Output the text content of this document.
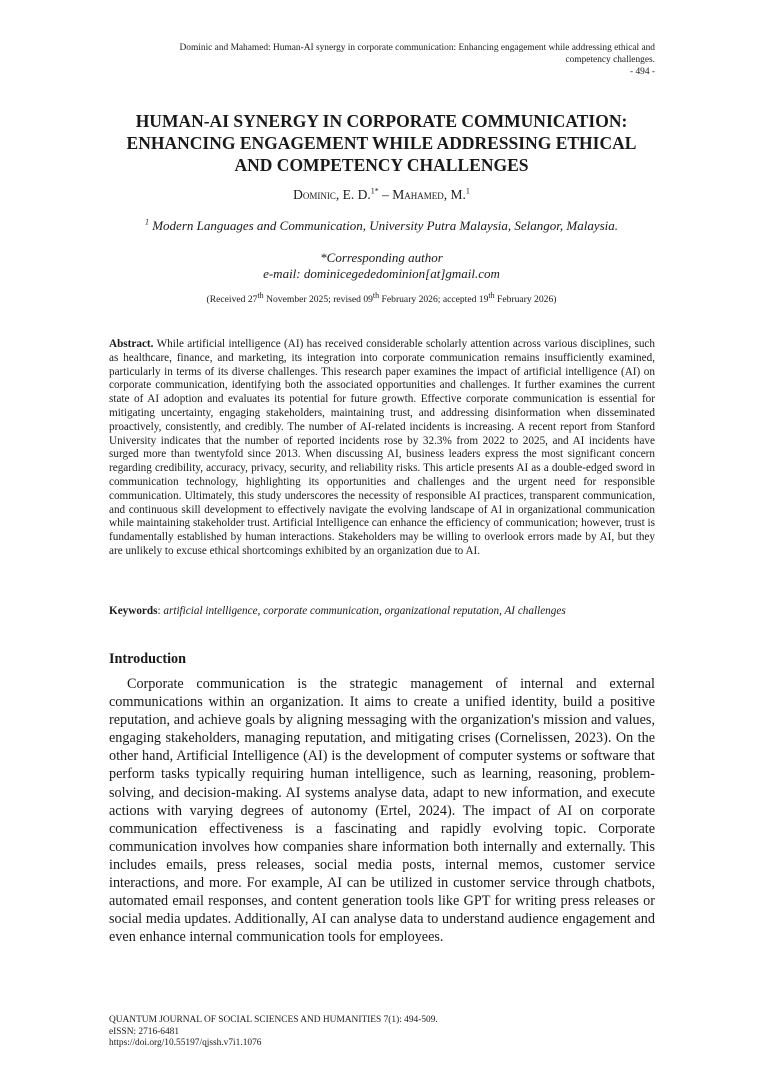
Dominic and Mahamed: Human-AI synergy in corporate communication: Enhancing engagement while addressing ethical and
competency challenges.
- 494 -
HUMAN-AI SYNERGY IN CORPORATE COMMUNICATION:
ENHANCING ENGAGEMENT WHILE ADDRESSING ETHICAL
AND COMPETENCY CHALLENGES
Dominic, E. D.$^{1*}$ – Mahamed, M.$^1$
$^1$ Modern Languages and Communication, University Putra Malaysia, Selangor, Malaysia.
*Corresponding author
e-mail: dominicegededominion[at]gmail.com
(Received 27th November 2025; revised 09th February 2026; accepted 19th February 2026)
Abstract. While artificial intelligence (AI) has received considerable scholarly attention across various disciplines, such as healthcare, finance, and marketing, its integration into corporate communication remains insufficiently examined, particularly in terms of its diverse challenges. This research paper examines the impact of artificial intelligence (AI) on corporate communication, identifying both the associated opportunities and challenges. It further examines the current state of AI adoption and evaluates its potential for future growth. Effective corporate communication is essential for mitigating uncertainty, engaging stakeholders, maintaining trust, and addressing disinformation when disseminated proactively, consistently, and credibly. The number of AI-related incidents is increasing. A recent report from Stanford University indicates that the number of reported incidents rose by 32.3% from 2022 to 2025, and AI incidents have surged more than twentyfold since 2013. When discussing AI, business leaders express the most significant concern regarding credibility, accuracy, privacy, security, and reliability risks. This article presents AI as a double-edged sword in communication technology, highlighting its opportunities and challenges and the urgent need for responsible communication. Ultimately, this study underscores the necessity of responsible AI practices, transparent communication, and continuous skill development to effectively navigate the evolving landscape of AI in organizational communication while maintaining stakeholder trust. Artificial Intelligence can enhance the efficiency of communication; however, trust is fundamentally established by human interactions. Stakeholders may be willing to overlook errors made by AI, but they are unlikely to excuse ethical shortcomings exhibited by an organization due to AI.
Keywords: artificial intelligence, corporate communication, organizational reputation, AI challenges
Introduction
Corporate communication is the strategic management of internal and external communications within an organization. It aims to create a unified identity, build a positive reputation, and achieve goals by aligning messaging with the organization's mission and values, engaging stakeholders, managing reputation, and mitigating crises (Cornelissen, 2023). On the other hand, Artificial Intelligence (AI) is the development of computer systems or software that perform tasks typically requiring human intelligence, such as learning, reasoning, problem-solving, and decision-making. AI systems analyse data, adapt to new information, and execute actions with varying degrees of autonomy (Ertel, 2024). The impact of AI on corporate communication effectiveness is a fascinating and rapidly evolving topic. Corporate communication involves how companies share information both internally and externally. This includes emails, press releases, social media posts, internal memos, customer service interactions, and more. For example, AI can be utilized in customer service through chatbots, automated email responses, and content generation tools like GPT for writing press releases or social media updates. Additionally, AI can analyse data to understand audience engagement and even enhance internal communication tools for employees.
QUANTUM JOURNAL OF SOCIAL SCIENCES AND HUMANITIES 7(1): 494-509.
eISSN: 2716-6481
https://doi.org/10.55197/qjssh.v7i1.1076
